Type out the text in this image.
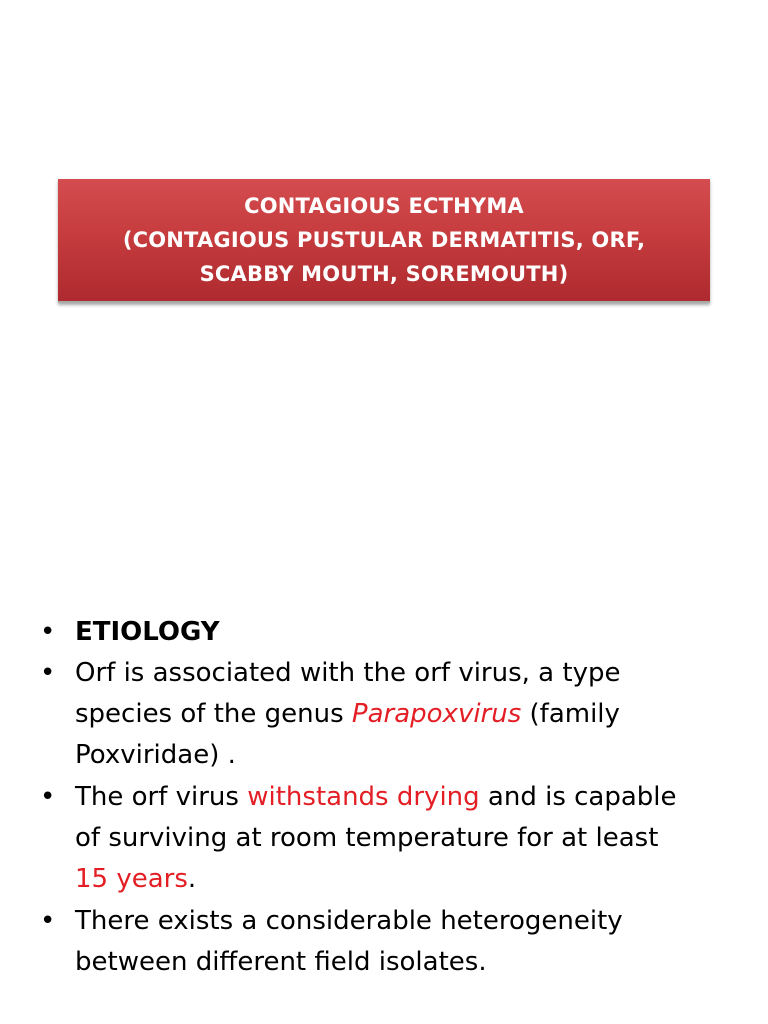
CONTAGIOUS ECTHYMA
(CONTAGIOUS PUSTULAR DERMATITIS, ORF,
SCABBY MOUTH, SOREMOUTH)
• ETIOLOGY
• Orf is associated with the orf virus, a type
species of the genus Parapoxvirus (family
Poxviridae) .
• The orf virus withstands drying and is capable
of surviving at room temperature for at least
15 years.
• There exists a considerable heterogeneity
between different field isolates.
